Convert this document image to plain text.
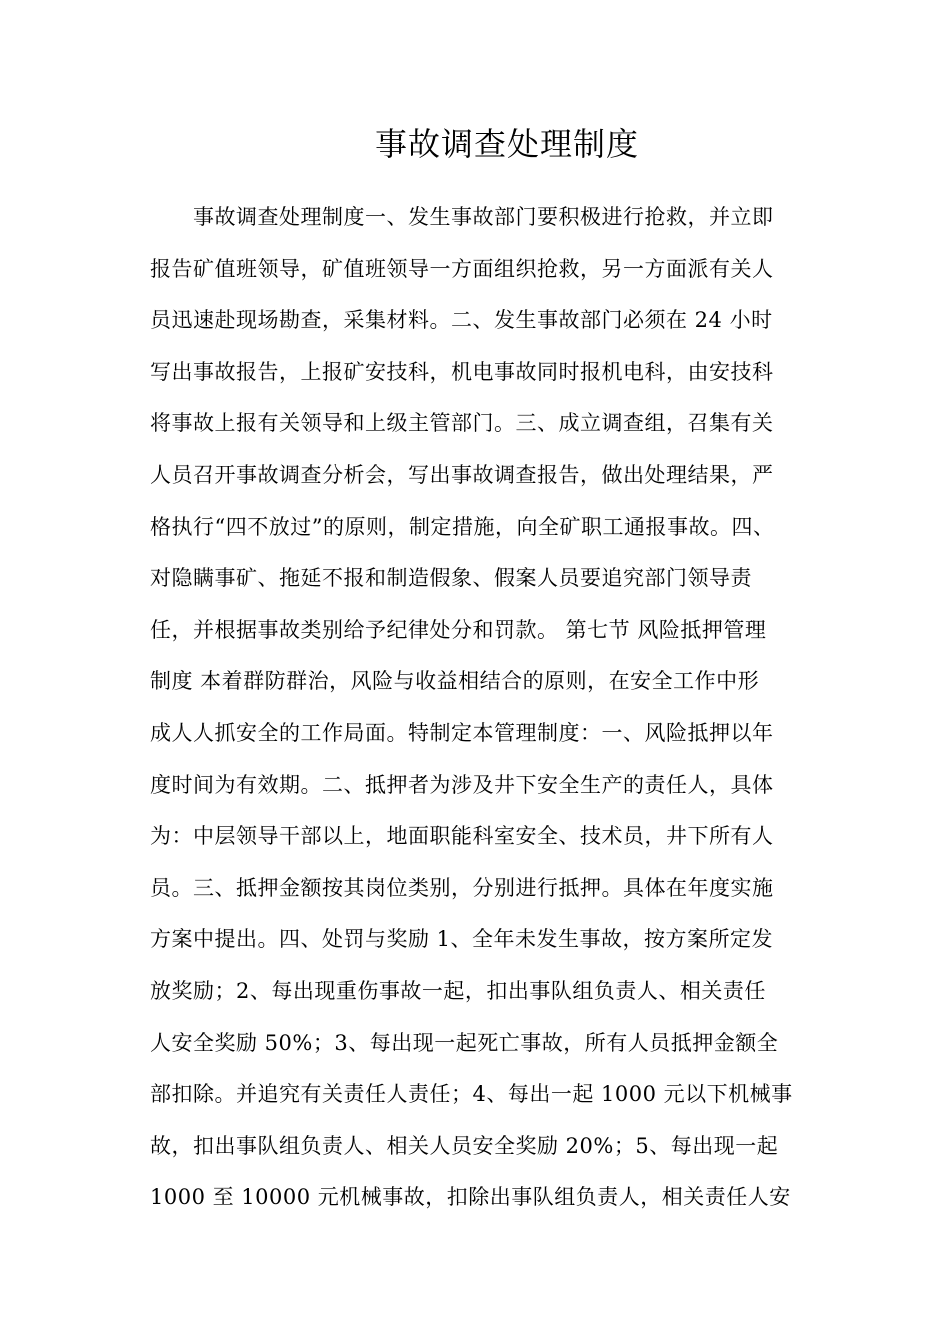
事故调查处理制度
　　事故调查处理制度一、发生事故部门要积极进行抢救，并立即
报告矿值班领导，矿值班领导一方面组织抢救，另一方面派有关人
员迅速赴现场勘查，采集材料。二、发生事故部门必须在 24 小时
写出事故报告，上报矿安技科，机电事故同时报机电科，由安技科
将事故上报有关领导和上级主管部门。三、成立调查组，召集有关
人员召开事故调查分析会，写出事故调查报告，做出处理结果，严
格执行“四不放过”的原则，制定措施，向全矿职工通报事故。四、
对隐瞒事矿、拖延不报和制造假象、假案人员要追究部门领导责
任，并根据事故类别给予纪律处分和罚款。 第七节 风险抵押管理
制度 本着群防群治，风险与收益相结合的原则，在安全工作中形
成人人抓安全的工作局面。特制定本管理制度：一、风险抵押以年
度时间为有效期。二、抵押者为涉及井下安全生产的责任人，具体
为：中层领导干部以上，地面职能科室安全、技术员，井下所有人
员。三、抵押金额按其岗位类别，分别进行抵押。具体在年度实施
方案中提出。四、处罚与奖励 1、全年未发生事故，按方案所定发
放奖励；2、每出现重伤事故一起，扣出事队组负责人、相关责任
人安全奖励 50%；3、每出现一起死亡事故，所有人员抵押金额全
部扣除。并追究有关责任人责任；4、每出一起 1000 元以下机械事
故，扣出事队组负责人、相关人员安全奖励 20%；5、每出现一起
1000 至 10000 元机械事故，扣除出事队组负责人，相关责任人安
